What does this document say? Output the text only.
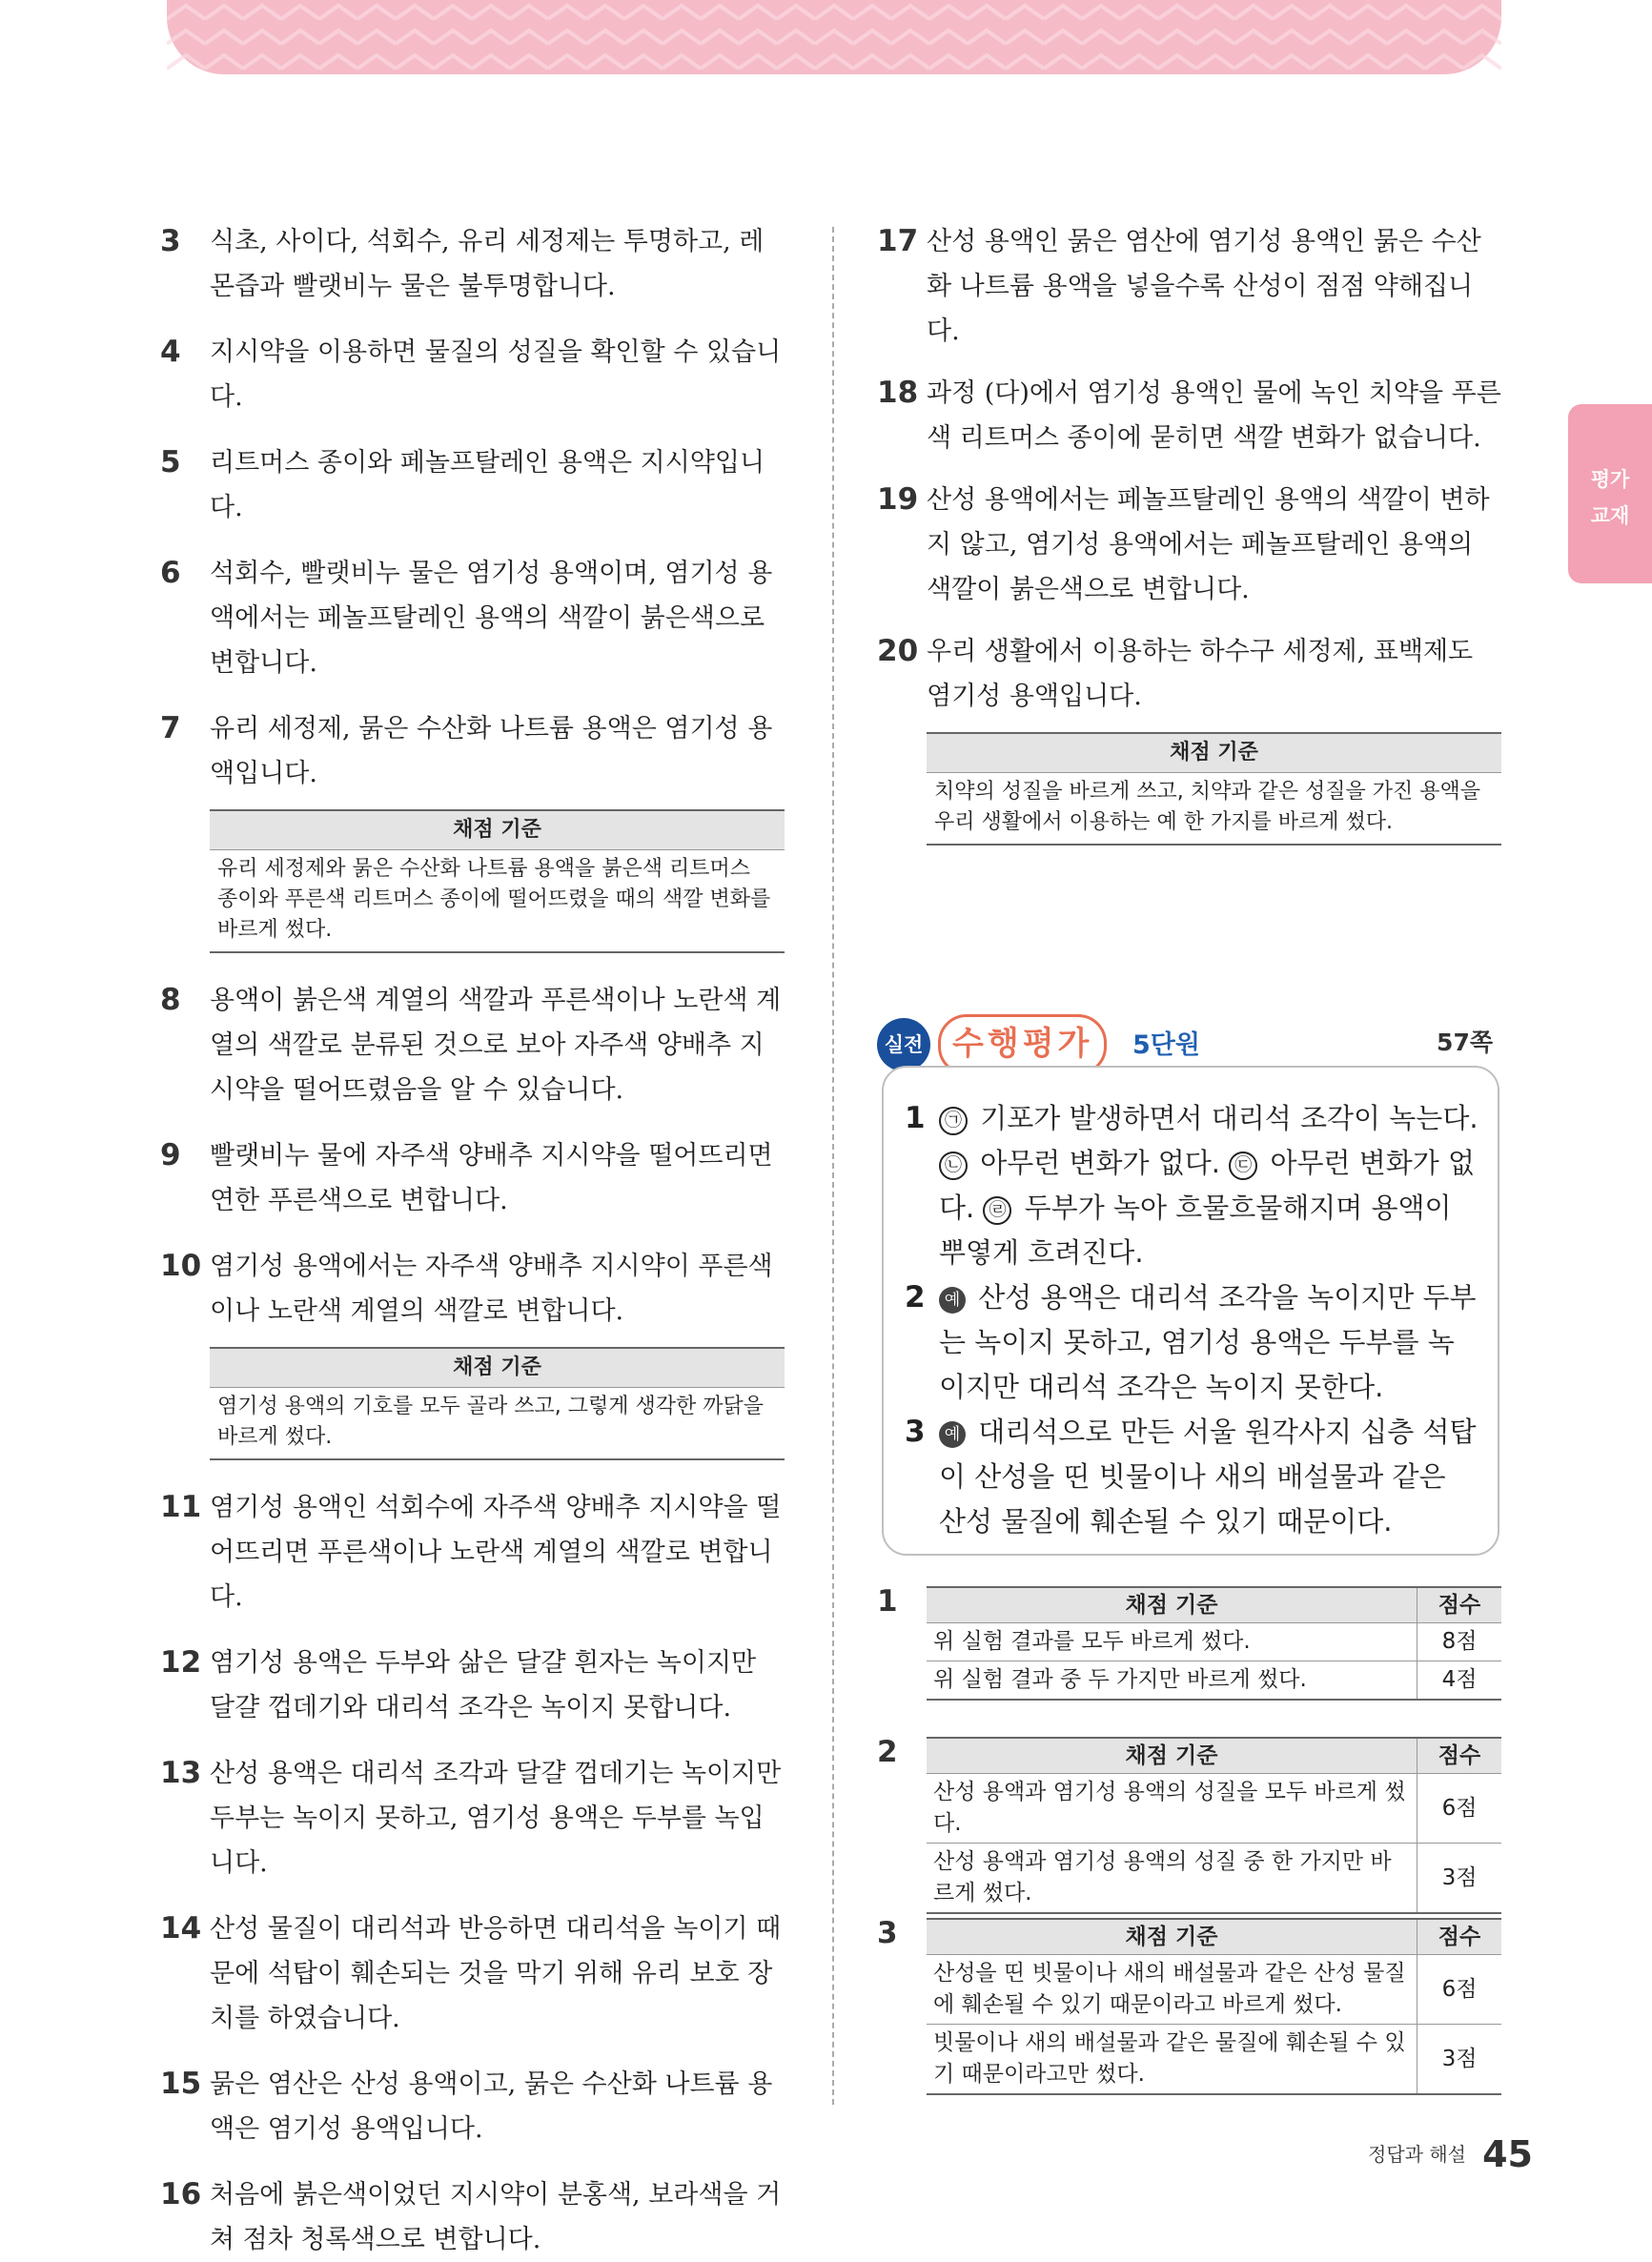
평가
교재
3 식초, 사이다, 석회수, 유리 세정제는 투명하고, 레몬즙과 빨랫비누 물은 불투명합니다.
4 지시약을 이용하면 물질의 성질을 확인할 수 있습니다.
5 리트머스 종이와 페놀프탈레인 용액은 지시약입니다.
6 석회수, 빨랫비누 물은 염기성 용액이며, 염기성 용액에서는 페놀프탈레인 용액의 색깔이 붉은색으로 변합니다.
7 유리 세정제, 묽은 수산화 나트륨 용액은 염기성 용액입니다.
채점 기준
유리 세정제와 묽은 수산화 나트륨 용액을 붉은색 리트머스 종이와 푸른색 리트머스 종이에 떨어뜨렸을 때의 색깔 변화를 바르게 썼다.
8 용액이 붉은색 계열의 색깔과 푸른색이나 노란색 계열의 색깔로 분류된 것으로 보아 자주색 양배추 지시약을 떨어뜨렸음을 알 수 있습니다.
9 빨랫비누 물에 자주색 양배추 지시약을 떨어뜨리면 연한 푸른색으로 변합니다.
10 염기성 용액에서는 자주색 양배추 지시약이 푸른색이나 노란색 계열의 색깔로 변합니다.
채점 기준
염기성 용액의 기호를 모두 골라 쓰고, 그렇게 생각한 까닭을 바르게 썼다.
11 염기성 용액인 석회수에 자주색 양배추 지시약을 떨어뜨리면 푸른색이나 노란색 계열의 색깔로 변합니다.
12 염기성 용액은 두부와 삶은 달걀 흰자는 녹이지만 달걀 껍데기와 대리석 조각은 녹이지 못합니다.
13 산성 용액은 대리석 조각과 달걀 껍데기는 녹이지만 두부는 녹이지 못하고, 염기성 용액은 두부를 녹입니다.
14 산성 물질이 대리석과 반응하면 대리석을 녹이기 때문에 석탑이 훼손되는 것을 막기 위해 유리 보호 장치를 하였습니다.
15 묽은 염산은 산성 용액이고, 묽은 수산화 나트륨 용액은 염기성 용액입니다.
16 처음에 붉은색이었던 지시약이 분홍색, 보라색을 거쳐 점차 청록색으로 변합니다.
17 산성 용액인 묽은 염산에 염기성 용액인 묽은 수산화 나트륨 용액을 넣을수록 산성이 점점 약해집니다.
18 과정 (다)에서 염기성 용액인 물에 녹인 치약을 푸른색 리트머스 종이에 묻히면 색깔 변화가 없습니다.
19 산성 용액에서는 페놀프탈레인 용액의 색깔이 변하지 않고, 염기성 용액에서는 페놀프탈레인 용액의 색깔이 붉은색으로 변합니다.
20 우리 생활에서 이용하는 하수구 세정제, 표백제도 염기성 용액입니다.
채점 기준
치약의 성질을 바르게 쓰고, 치약과 같은 성질을 가진 용액을 우리 생활에서 이용하는 예 한 가지를 바르게 썼다.
실전 수행평가	5단원	57쪽
1	㉠ 기포가 발생하면서 대리석 조각이 녹는다. ㉡ 아무런 변화가 없다. ㉢ 아무런 변화가 없다. ㉣ 두부가 녹아 흐물흐물해지며 용액이 뿌옇게 흐려진다.
2	예 산성 용액은 대리석 조각을 녹이지만 두부는 녹이지 못하고, 염기성 용액은 두부를 녹이지만 대리석 조각은 녹이지 못한다.
3	예 대리석으로 만든 서울 원각사지 십층 석탑이 산성을 띤 빗물이나 새의 배설물과 같은 산성 물질에 훼손될 수 있기 때문이다.
1	채점 기준	점수
위 실험 결과를 모두 바르게 썼다.	8점
위 실험 결과 중 두 가지만 바르게 썼다.	4점
2	채점 기준	점수
산성 용액과 염기성 용액의 성질을 모두 바르게 썼다.	6점
산성 용액과 염기성 용액의 성질 중 한 가지만 바르게 썼다.	3점
3	채점 기준	점수
산성을 띤 빗물이나 새의 배설물과 같은 산성 물질에 훼손될 수 있기 때문이라고 바르게 썼다.	6점
빗물이나 새의 배설물과 같은 물질에 훼손될 수 있기 때문이라고만 썼다.	3점
정답과 해설 45
